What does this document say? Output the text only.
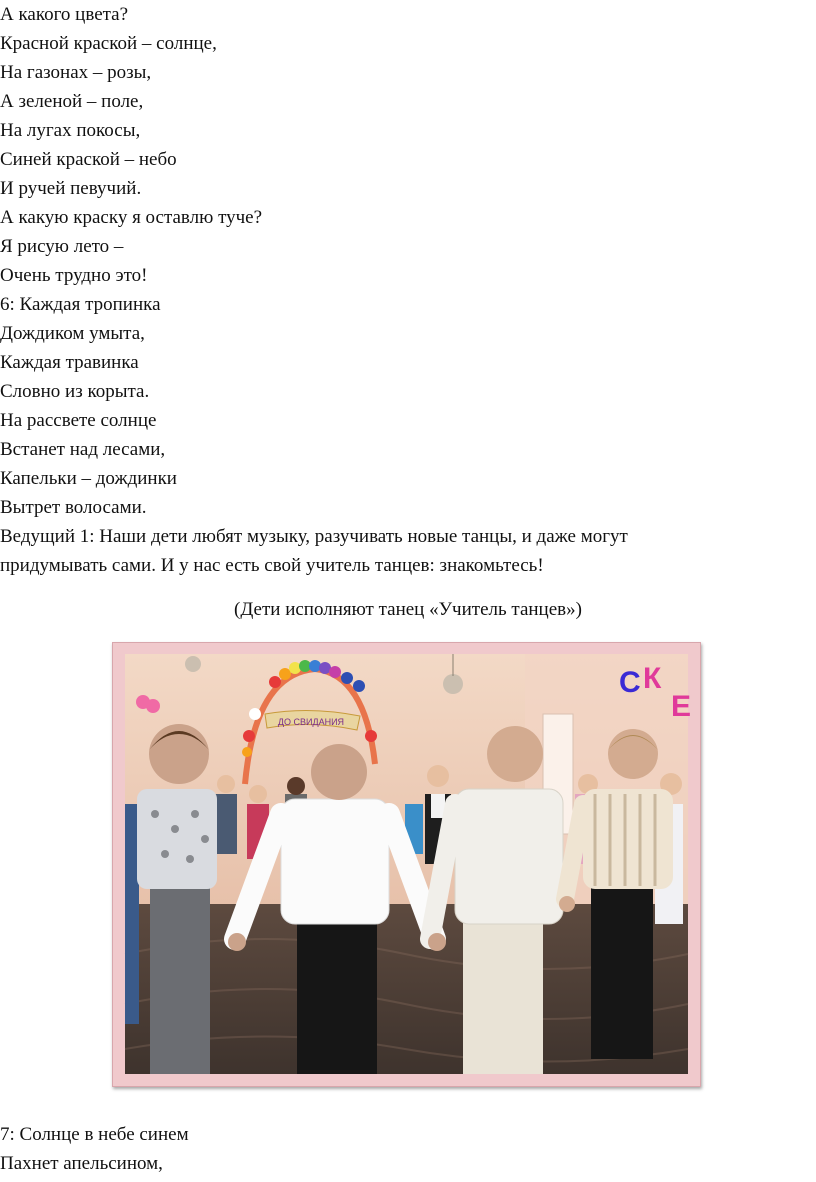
А какого цвета?
Красной краской – солнце,
На газонах – розы,
А зеленой – поле,
На лугах покосы,
Синей краской – небо
И ручей певучий.
А какую краску я оставлю туче?
Я рисую лето –
Очень трудно это!
6: Каждая тропинка
Дождиком умыта,
Каждая травинка
Словно из корыта.
На рассвете солнце
Встанет над лесами,
Капельки – дождинки
Вытрет волосами.
Ведущий 1: Наши дети любят музыку, разучивать новые танцы, и даже могут
придумывать сами. И у нас есть свой учитель танцев: знакомьтесь!
(Дети исполняют танец «Учитель танцев»)
ДО СВИДАНИЯ
С К
Е
7: Солнце в небе синем
Пахнет апельсином,
